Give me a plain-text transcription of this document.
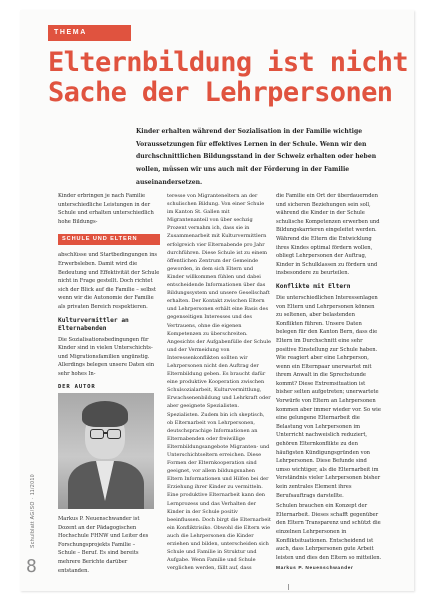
THEMA
Elternbildung ist nicht
Sache der Lehrpersonen

Kinder erhalten während der Sozialisation in der Familie wichtige Voraussetzungen für effektives Lernen in der Schule. Wenn wir den durchschnittlichen Bildungsstand in der Schweiz erhalten oder heben wollen, müssen wir uns auch mit der Förderung in der Familie auseinandersetzen.

Kinder erbringen je nach Familie unterschiedliche Leistungen in der Schule und erhalten unterschiedlich hohe Bildungs-

SCHULE UND ELTERN

abschlüsse und Startbedingungen ins Erwerbsleben. Damit wird die Bedeutung und Effektivität der Schule nicht in Frage gestellt. Doch richtet sich der Blick auf die Familie – selbst wenn wir die Autonomie der Familie als privaten Bereich respektieren.

Kulturvermittler an Elternabenden

Die Sozialisationsbedingungen für Kinder sind in vielen Unterschichts- und Migrationsfamilien ungünstig. Allerdings belegen unsere Daten ein sehr hohes In-

DER AUTOR
Markus P. Neuenschwander ist Dozent an der Pädagogischen Hochschule FHNW und Leiter des Forschungsprojekts Familie – Schule – Beruf. Es sind bereits mehrere Berichte darüber entstanden.

teresse von Migranteneltern an der schulischen Bildung. Von einer Schule im Kanton St. Gallen mit Migrantenanteil von über sechzig Prozent vernahm ich, dass sie in Zusammenarbeit mit Kulturvermittlern erfolgreich vier Elternabende pro Jahr durchführen. Diese Schule ist zu einem öffentlichen Zentrum der Gemeinde geworden, in dem sich Eltern und Kinder willkommen fühlen und dabei entscheidende Informationen über das Bildungssystem und unsere Gesellschaft erhalten. Der Kontakt zwischen Eltern und Lehrpersonen erhält eine Basis des gegenseitigen Interesses und des Vertrauens, ohne die eigenen Kompetenzen zu überschreiten. Angesichts der Aufgabenfülle der Schule und der Vermeidung von Interessenkonflikten sollten wir Lehrpersonen nicht den Auftrag der Elternbildung geben. Es braucht dafür eine produktive Kooperation zwischen Schulsozialarbeit, Kulturvermittlung, Erwachsenenbildung und Lehrkraft oder aber geeignete Spezialisten. Spezialisten. Zudem bin ich skeptisch, ob Elternarbeit von Lehrpersonen, deutschsprachige Informationen an Elternabenden oder freiwillige Elternbildungsangebote Migranten- und Unterschichtseltern erreichen. Diese Formen der Elternkooperation sind geeignet, vor allem bildungsnahen Eltern Informationen und Hilfen bei der Erziehung ihrer Kinder zu vermitteln. Eine produktive Elternarbeit kann den Lernprozess und das Verhalten der Kinder in der Schule positiv beeinflussen. Doch birgt die Elternarbeit ein Konfliktrisiko. Obwohl die Eltern wie auch die Lehrpersonen die Kinder erziehen und bilden, unterscheiden sich Schule und Familie in Struktur und Aufgabe. Wenn Familie und Schule verglichen werden, fällt auf, dass

die Familie ein Ort der überdauernden und sicheren Beziehungen sein soll, während die Kinder in der Schule schulische Kompetenzen erwerben und Bildungskarrieren eingeleitet werden. Während die Eltern die Entwicklung ihres Kindes optimal fördern wollen, obliegt Lehrpersonen der Auftrag, Kinder in Schulklassen zu fördern und insbesondere zu beurteilen.

Konflikte mit Eltern

Die unterschiedlichen Interessenlagen von Eltern und Lehrpersonen können zu seltenen, aber belastenden Konflikten führen. Unsere Daten belegen für den Kanton Bern, dass die Eltern im Durchschnitt eine sehr positive Einstellung zur Schule haben. Wie reagiert aber eine Lehrperson, wenn ein Elternpaar unerwartet mit ihrem Anwalt in die Sprechstunde kommt? Diese Extremsituation ist bisher selten aufgetreten; unerwartete Vorwürfe von Eltern an Lehrpersonen kommen aber immer wieder vor. So wie eine gelungene Elternarbeit die Belastung von Lehrpersonen im Unterricht nachweislich reduziert, gehören Elternkonflikte zu den häufigsten Kündigungsgründen von Lehrpersonen. Diese Befunde sind umso wichtiger, als die Elternarbeit im Verständnis vieler Lehrpersonen bisher kein zentrales Element ihres Berufsauftrags darstellte.

Schulen brauchen ein Konzept der Elternarbeit. Dieses schafft gegenüber den Eltern Transparenz und schützt die einzelnen Lehrpersonen in Konfliktsituationen. Entscheidend ist auch, dass Lehrpersonen gute Arbeit leisten und dies den Eltern so mitteilen.

Markus P. Neuenschwander
Schulblatt AG/SO · 11/2010
8
